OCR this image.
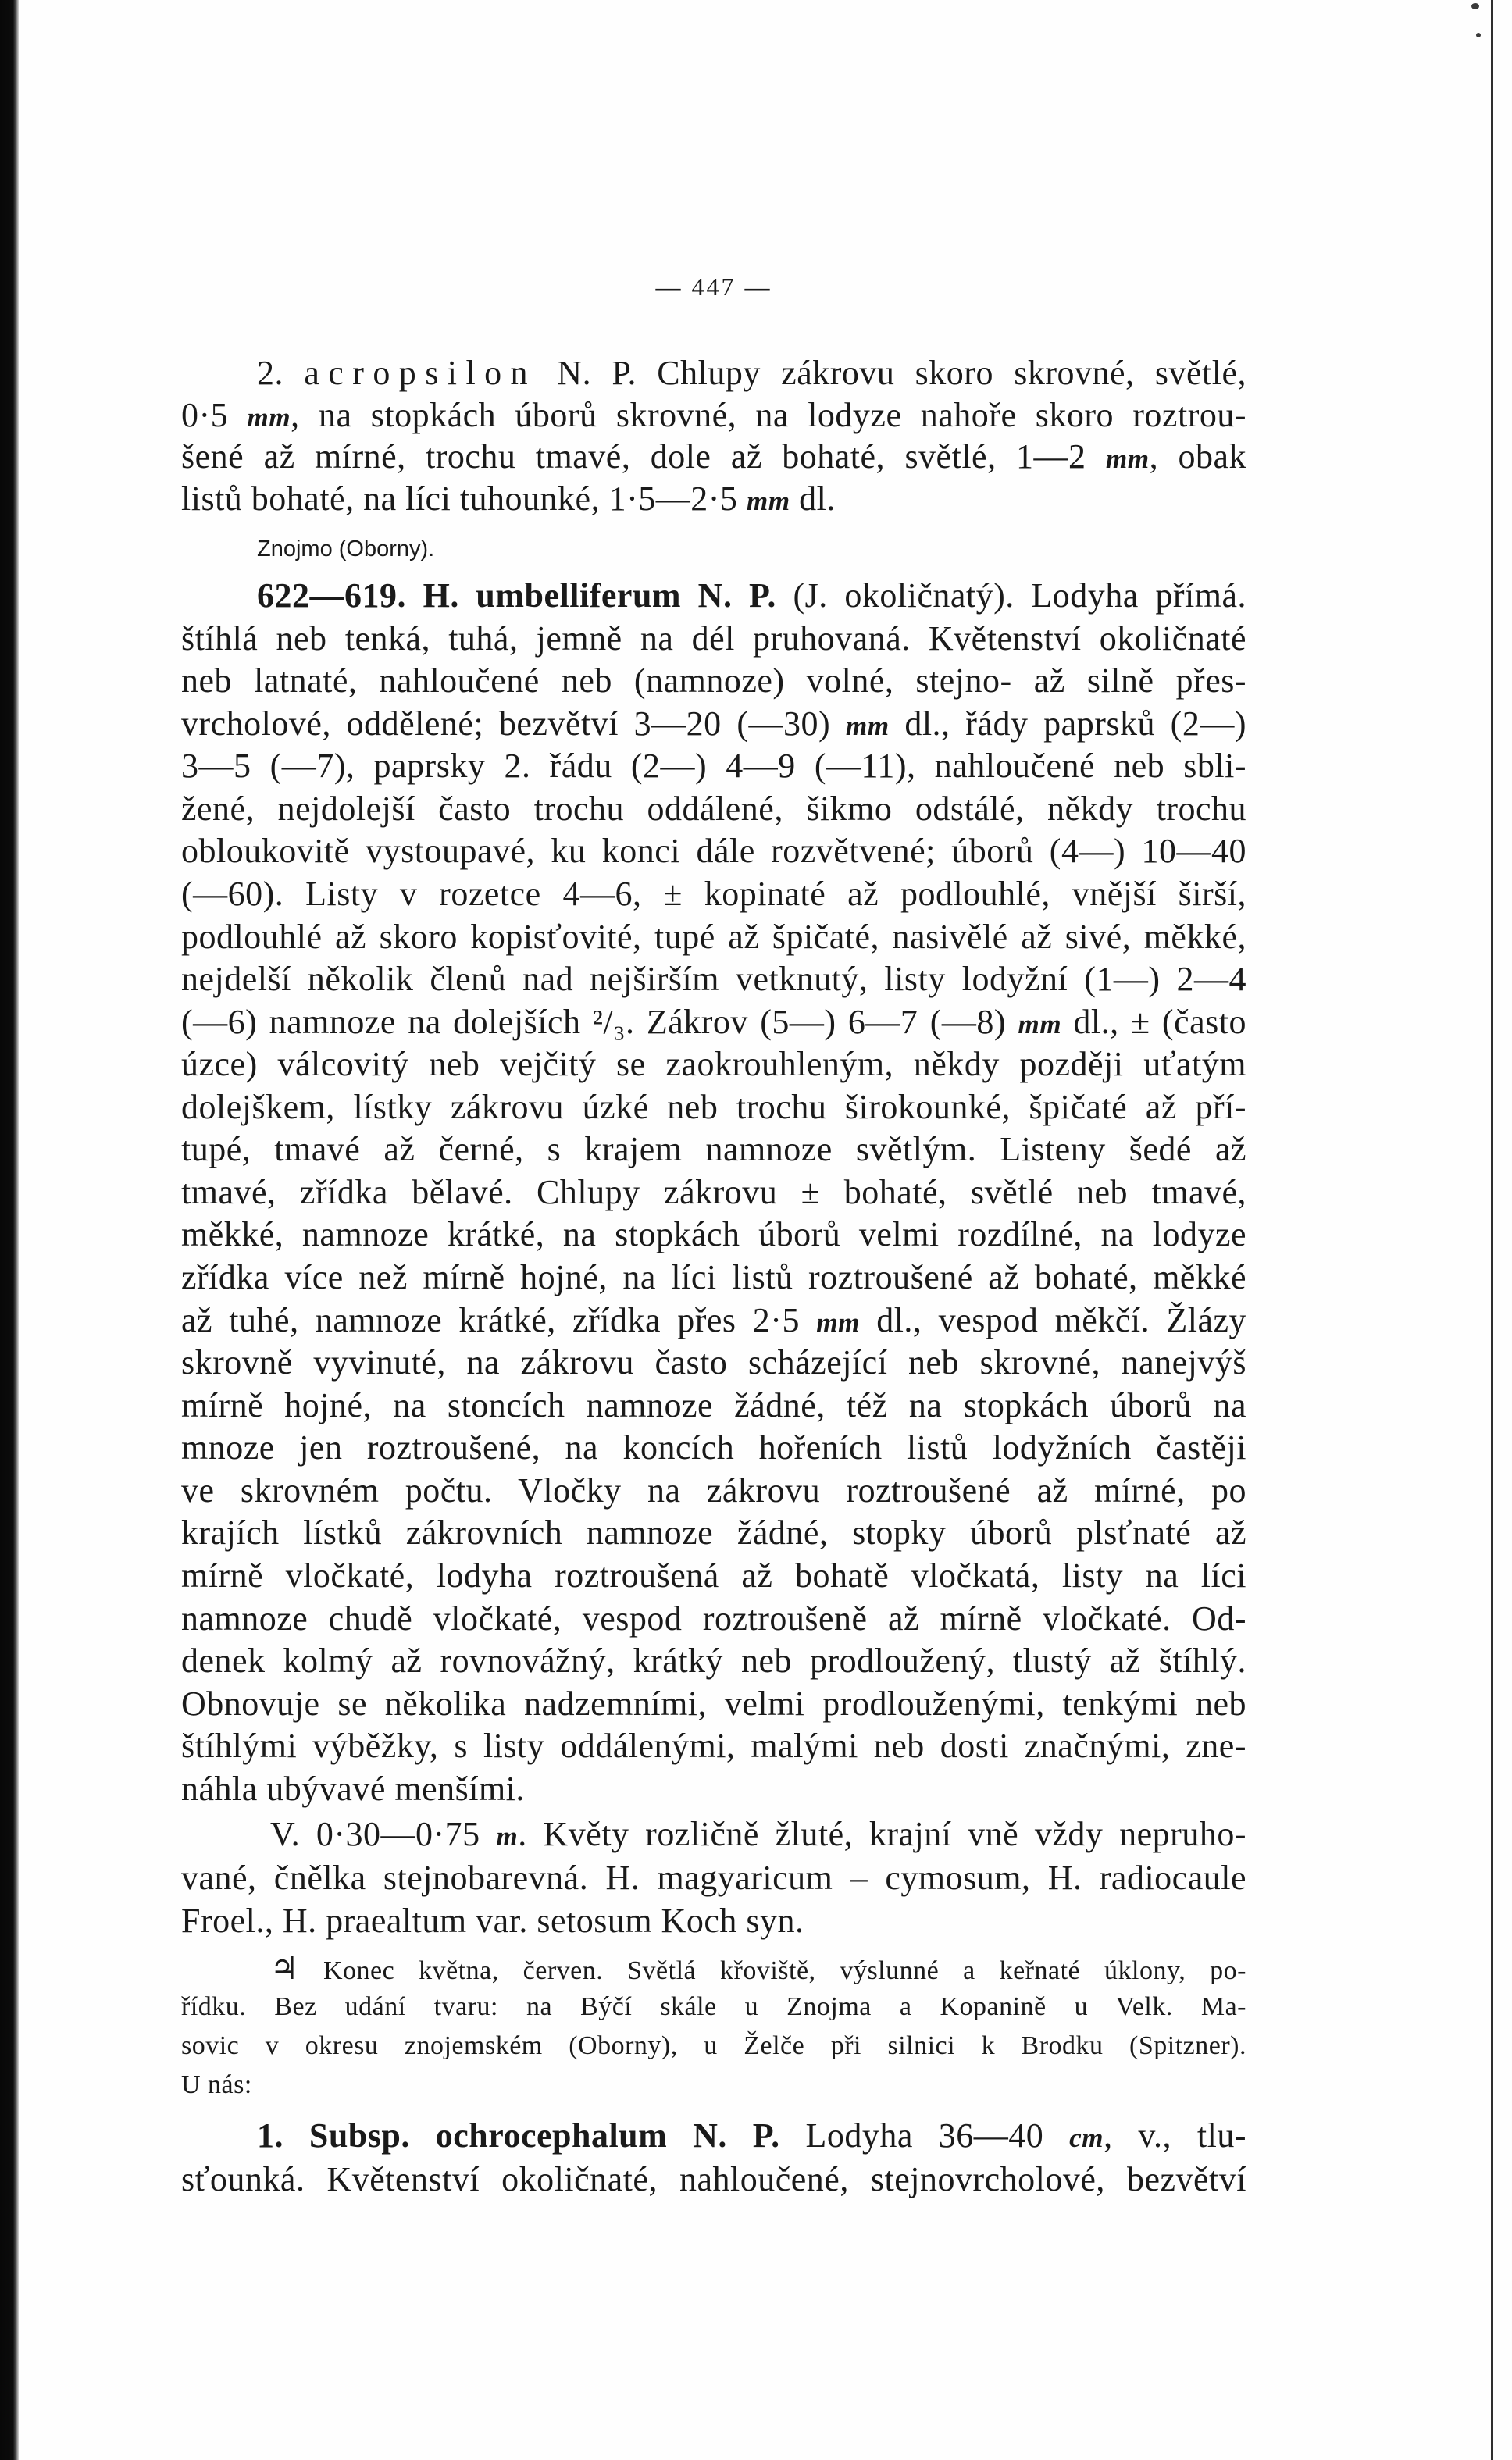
— 447 —
2. acropsilon N. P. Chlupy zákrovu skoro skrovné, světlé,
0·5 mm, na stopkách úborů skrovné, na lodyze nahoře skoro roztrou-
šené až mírné, trochu tmavé, dole až bohaté, světlé, 1—2 mm, obak
listů bohaté, na líci tuhounké, 1·5—2·5 mm dl.
Znojmo (Oborny).
622—619. H. umbelliferum N. P. (J. okoličnatý). Lodyha přímá.
štíhlá neb tenká, tuhá, jemně na dél pruhovaná. Květenství okoličnaté
neb latnaté, nahloučené neb (namnoze) volné, stejno- až silně přes-
vrcholové, oddělené; bezvětví 3—20 (—30) mm dl., řády paprsků (2—)
3—5 (—7), paprsky 2. řádu (2—) 4—9 (—11), nahloučené neb sbli-
žené, nejdolejší často trochu oddálené, šikmo odstálé, někdy trochu
obloukovitě vystoupavé, ku konci dále rozvětvené; úborů (4—) 10—40
(—60). Listy v rozetce 4—6, ± kopinaté až podlouhlé, vnější širší,
podlouhlé až skoro kopisťovité, tupé až špičaté, nasivělé až sivé, měkké,
nejdelší několik členů nad nejširším vetknutý, listy lodyžní (1—) 2—4
(—6) namnoze na dolejších ²/₃. Zákrov (5—) 6—7 (—8) mm dl., ± (často
úzce) válcovitý neb vejčitý se zaokrouhleným, někdy později uťatým
dolejškem, lístky zákrovu úzké neb trochu širokounké, špičaté až pří-
tupé, tmavé až černé, s krajem namnoze světlým. Listeny šedé až
tmavé, zřídka bělavé. Chlupy zákrovu ± bohaté, světlé neb tmavé,
měkké, namnoze krátké, na stopkách úborů velmi rozdílné, na lodyze
zřídka více než mírně hojné, na líci listů roztroušené až bohaté, měkké
až tuhé, namnoze krátké, zřídka přes 2·5 mm dl., vespod měkčí. Žlázy
skrovně vyvinuté, na zákrovu často scházející neb skrovné, nanejvýš
mírně hojné, na stoncích namnoze žádné, též na stopkách úborů na
mnoze jen roztroušené, na koncích hořeních listů lodyžních častěji
ve skrovném počtu. Vločky na zákrovu roztroušené až mírné, po
krajích lístků zákrovních namnoze žádné, stopky úborů plsťnaté až
mírně vločkaté, lodyha roztroušená až bohatě vločkatá, listy na líci
namnoze chudě vločkaté, vespod roztroušeně až mírně vločkaté. Od-
denek kolmý až rovnovážný, krátký neb prodloužený, tlustý až štíhlý.
Obnovuje se několika nadzemními, velmi prodlouženými, tenkými neb
štíhlými výběžky, s listy oddálenými, malými neb dosti značnými, zne-
náhla ubývavé menšími.
V. 0·30—0·75 m. Květy rozličně žluté, krajní vně vždy nepruho-
vané, čnělka stejnobarevná. H. magyaricum – cymosum, H. radiocaule
Froel., H. praealtum var. setosum Koch syn.
♃ Konec května, červen. Světlá křoviště, výslunné a keřnaté úklony, po-
řídku. Bez udání tvaru: na Býčí skále u Znojma a Kopanině u Velk. Ma-
sovic v okresu znojemském (Oborny), u Želče při silnici k Brodku (Spitzner).
U nás:
1. Subsp. ochrocephalum N. P. Lodyha 36—40 cm, v., tlu-
sťounká. Květenství okoličnaté, nahloučené, stejnovrcholové, bezvětví
